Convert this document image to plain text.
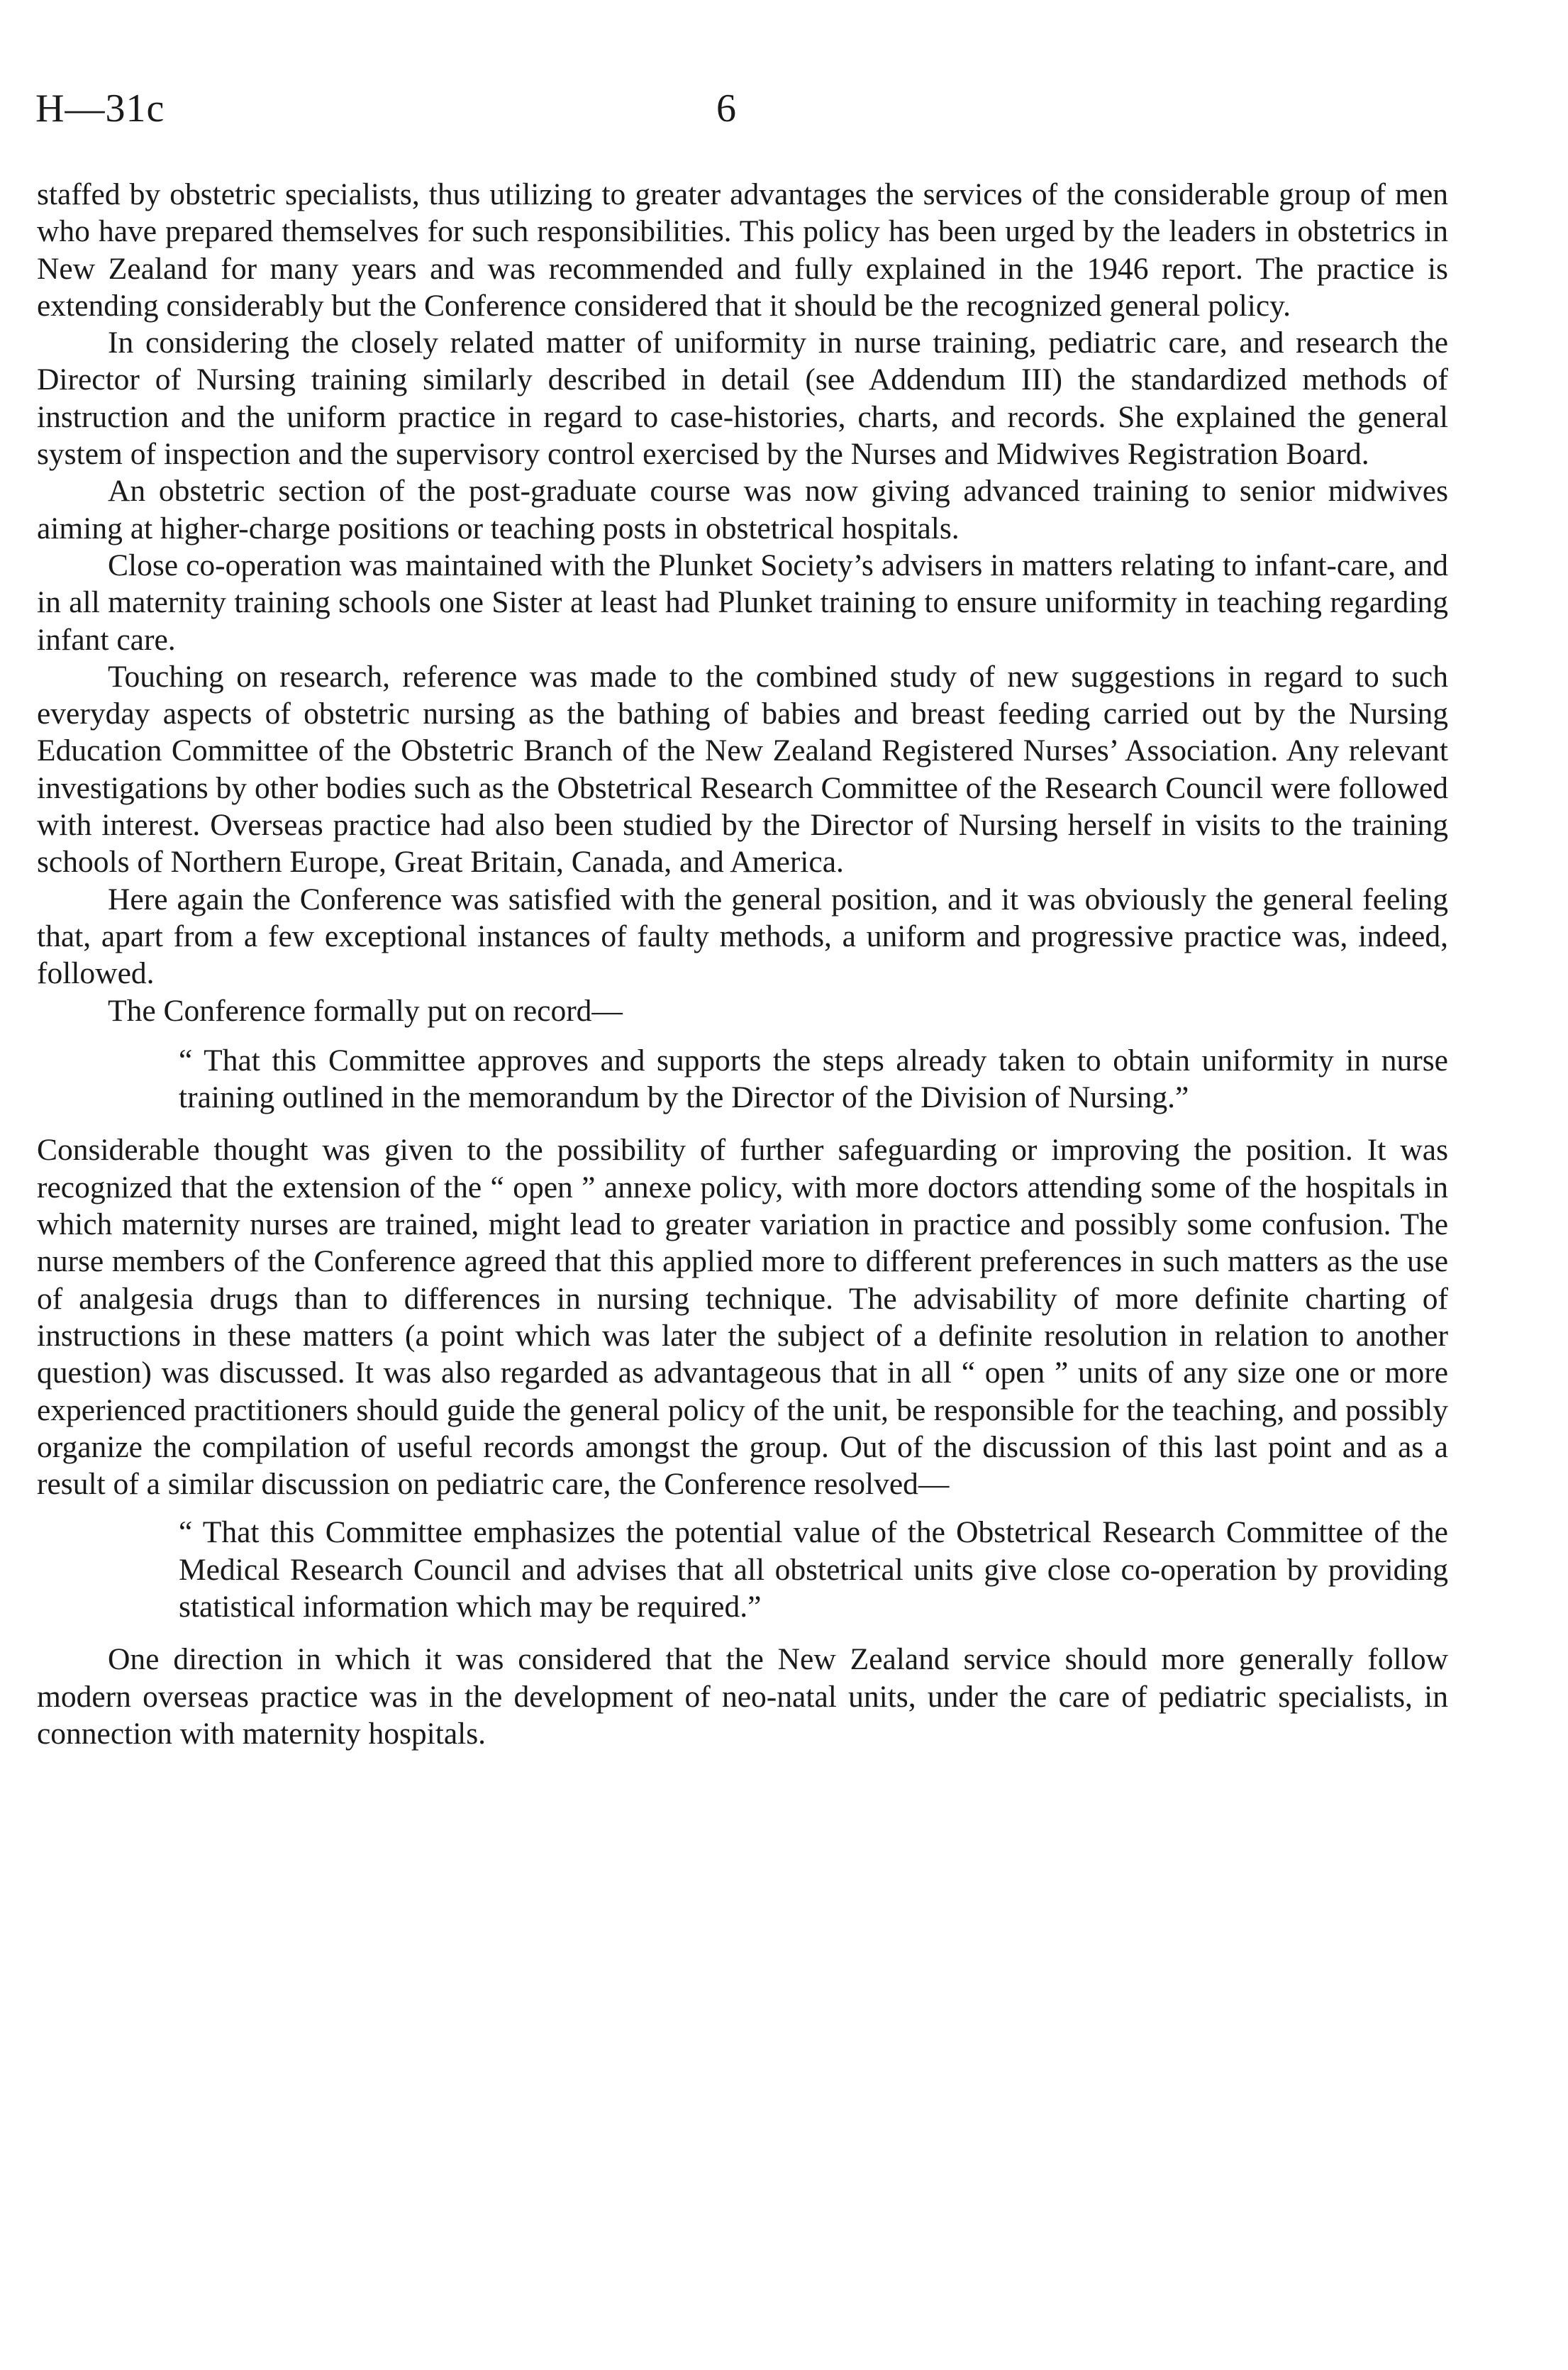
H—31c	6

staffed by obstetric specialists, thus utilizing to greater advantages the services of the considerable group of men who have prepared themselves for such responsibilities. This policy has been urged by the leaders in obstetrics in New Zealand for many years and was recommended and fully explained in the 1946 report. The practice is extending considerably but the Conference considered that it should be the recognized general policy.

In considering the closely related matter of uniformity in nurse training, pediatric care, and research the Director of Nursing training similarly described in detail (see Addendum III) the standardized methods of instruction and the uniform practice in regard to case-histories, charts, and records. She explained the general system of inspection and the supervisory control exercised by the Nurses and Midwives Registration Board.

An obstetric section of the post-graduate course was now giving advanced training to senior midwives aiming at higher-charge positions or teaching posts in obstetrical hospitals.

Close co-operation was maintained with the Plunket Society’s advisers in matters relating to infant-care, and in all maternity training schools one Sister at least had Plunket training to ensure uniformity in teaching regarding infant care.

Touching on research, reference was made to the combined study of new suggestions in regard to such everyday aspects of obstetric nursing as the bathing of babies and breast feeding carried out by the Nursing Education Committee of the Obstetric Branch of the New Zealand Registered Nurses’ Association. Any relevant investigations by other bodies such as the Obstetrical Research Committee of the Research Council were followed with interest. Overseas practice had also been studied by the Director of Nursing herself in visits to the training schools of Northern Europe, Great Britain, Canada, and America.

Here again the Conference was satisfied with the general position, and it was obviously the general feeling that, apart from a few exceptional instances of faulty methods, a uniform and progressive practice was, indeed, followed.

The Conference formally put on record—

“ That this Committee approves and supports the steps already taken to obtain uniformity in nurse training outlined in the memorandum by the Director of the Division of Nursing.”

Considerable thought was given to the possibility of further safeguarding or improving the position. It was recognized that the extension of the “ open ” annexe policy, with more doctors attending some of the hospitals in which maternity nurses are trained, might lead to greater variation in practice and possibly some confusion. The nurse members of the Conference agreed that this applied more to different preferences in such matters as the use of analgesia drugs than to differences in nursing technique. The advisability of more definite charting of instructions in these matters (a point which was later the subject of a definite resolution in relation to another question) was discussed. It was also regarded as advantageous that in all “ open ” units of any size one or more experienced practitioners should guide the general policy of the unit, be responsible for the teaching, and possibly organize the compilation of useful records amongst the group. Out of the discussion of this last point and as a result of a similar discussion on pediatric care, the Conference resolved—

“ That this Committee emphasizes the potential value of the Obstetrical Research Committee of the Medical Research Council and advises that all obstetrical units give close co-operation by providing statistical information which may be required.”

One direction in which it was considered that the New Zealand service should more generally follow modern overseas practice was in the development of neo-natal units, under the care of pediatric specialists, in connection with maternity hospitals.
